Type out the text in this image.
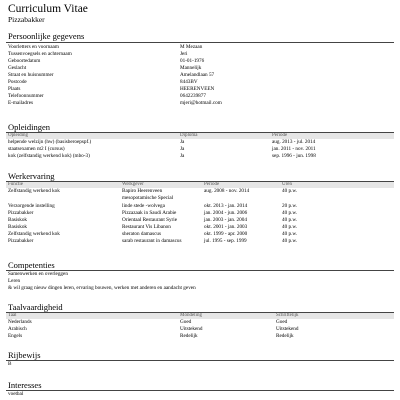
Curriculum Vitae
Pizzabakker
Persoonlijke gegevens
Voorletters en voornaam	M Mezaan
Tussenvoegsels en achternaam	Jeri
Geboortedatum	01-01-1976
Geslacht	Mannelijk
Straat en huisnummer	Amelandlaan 57
Postcode	8443BV
Plaats	HEERENVEEN
Telefoonnummer	0642239877
E-mailadres	mjeri@hotmail.com
Opleidingen
Opleiding	Diploma	Periode
helpende welzijn (hw) (basisberoepspf.)	Ja	aug. 2013 - jul. 2014
staatsexamen nt2 I (cursus)	Ja	jan. 2011 - nov. 2011
kok (zelfstandig werkend kok) (mbo-3)	Ja	sep. 1996 - jun. 1998
Werkervaring
Functie	Werkgever	Periode	Uren
Zelfstandig werkend kok	Bapiro Heerenveen	aug. 2008 - nov. 2014	40 p.w.
mesopotamische Special
Verzorgende instelling	linde stede -wolvega	okt. 2013 - jan. 2014	20 p.w.
Pizzabakker	Pizzazaak in Saudi Arabie	jan. 2004 - jun. 2006	40 p.w.
Basiskok	Orientaal Restaurant Syrie	jan. 2003 - jan. 2004	40 p.w.
Basiskok	Restaurant Vis Libanon	okt. 2001 - jan. 2003	40 p.w.
Zelfstandig werkend kok	sheraton damascus	okt. 1999 - apr. 2000	40 p.w.
Pizzabakker	sarab restaurant in damascus	jul. 1995 - sep. 1999	40 p.w.
Competenties
Samenwerken en overleggen
Leren
& wil graag nieuw dingen leren, ervaring bouwen, werken met anderen en aandacht geven
Taalvaardigheid
Taal	Mondeling	Schriftelijk
Nederlands	Goed	Goed
Arabisch	Uitstekend	Uitstekend
Engels	Redelijk	Redelijk
Rijbewijs
B
Interesses
voetbal
